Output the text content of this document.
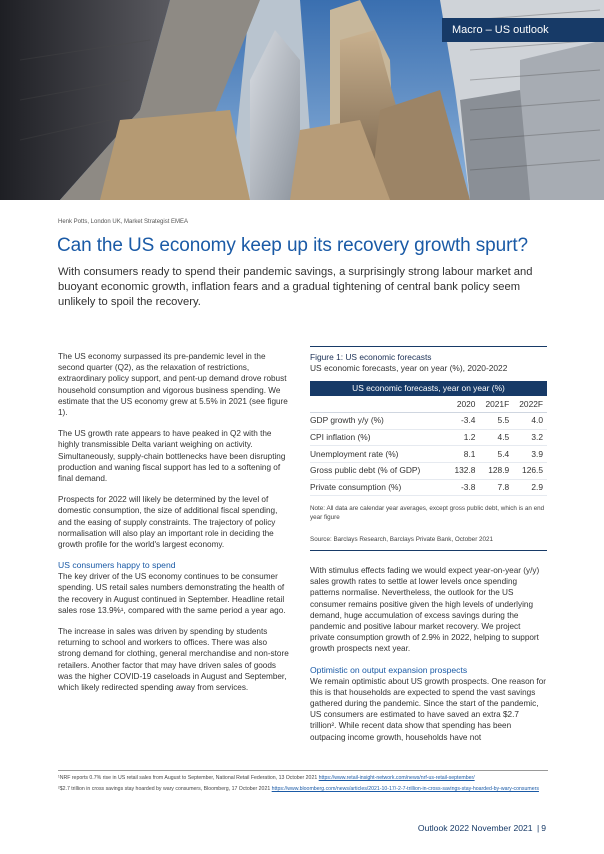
Macro – US outlook
Henk Potts, London UK, Market Strategist EMEA
Can the US economy keep up its recovery growth spurt?

With consumers ready to spend their pandemic savings, a surprisingly strong labour market and buoyant economic growth, inflation fears and a gradual tightening of central bank policy seem unlikely to spoil the recovery.

The US economy surpassed its pre-pandemic level in the second quarter (Q2), as the relaxation of restrictions, extraordinary policy support, and pent-up demand drove robust household consumption and vigorous business spending. We estimate that the US economy grew at 5.5% in 2021 (see figure 1).

The US growth rate appears to have peaked in Q2 with the highly transmissible Delta variant weighing on activity. Simultaneously, supply-chain bottlenecks have been disrupting production and waning fiscal support has led to a softening of final demand.

Prospects for 2022 will likely be determined by the level of domestic consumption, the size of additional fiscal spending, and the easing of supply constraints. The trajectory of policy normalisation will also play an important role in deciding the growth profile for the world's largest economy.

US consumers happy to spend

The key driver of the US economy continues to be consumer spending. US retail sales numbers demonstrating the health of the recovery in August continued in September. Headline retail sales rose 13.9%¹, compared with the same period a year ago.

The increase in sales was driven by spending by students returning to school and workers to offices. There was also strong demand for clothing, general merchandise and non-store retailers. Another factor that may have driven sales of goods was the higher COVID-19 caseloads in August and September, which likely redirected spending away from services.

Figure 1: US economic forecasts

US economic forecasts, year on year (%), 2020-2022

US economic forecasts, year on year (%)
	2020	2021F	2022F
GDP growth y/y (%)	-3.4	5.5	4.0
CPI inflation (%)	1.2	4.5	3.2
Unemployment rate (%)	8.1	5.4	3.9
Gross public debt (% of GDP)	132.8	128.9	126.5
Private consumption (%)	-3.8	7.8	2.9

Note: All data are calendar year averages, except gross public debt, which is an end year figure

Source: Barclays Research, Barclays Private Bank, October 2021

With stimulus effects fading we would expect year-on-year (y/y) sales growth rates to settle at lower levels once spending patterns normalise. Nevertheless, the outlook for the US consumer remains positive given the high levels of underlying demand, huge accumulation of excess savings during the pandemic and positive labour market recovery. We project private consumption growth of 2.9% in 2022, helping to support growth prospects next year.

Optimistic on output expansion prospects

We remain optimistic about US growth prospects. One reason for this is that households are expected to spend the vast savings gathered during the pandemic. Since the start of the pandemic, US consumers are estimated to have saved an extra $2.7 trillion². While recent data show that spending has been outpacing income growth, households have not

¹NRF reports 0.7% rise in US retail sales from August to September, National Retail Federation, 13 October 2021 https://www.retail-insight-network.com/news/nrf-us-retail-september/

²$2.7 trillion in cross savings stay hoarded by wary consumers, Bloomberg, 17 October 2021 https://www.bloomberg.com/news/articles/2021-10-17/-2-7-trillion-in-cross-savings-stay-hoarded-by-wary-consumers

Outlook 2022 November 2021 | 9
